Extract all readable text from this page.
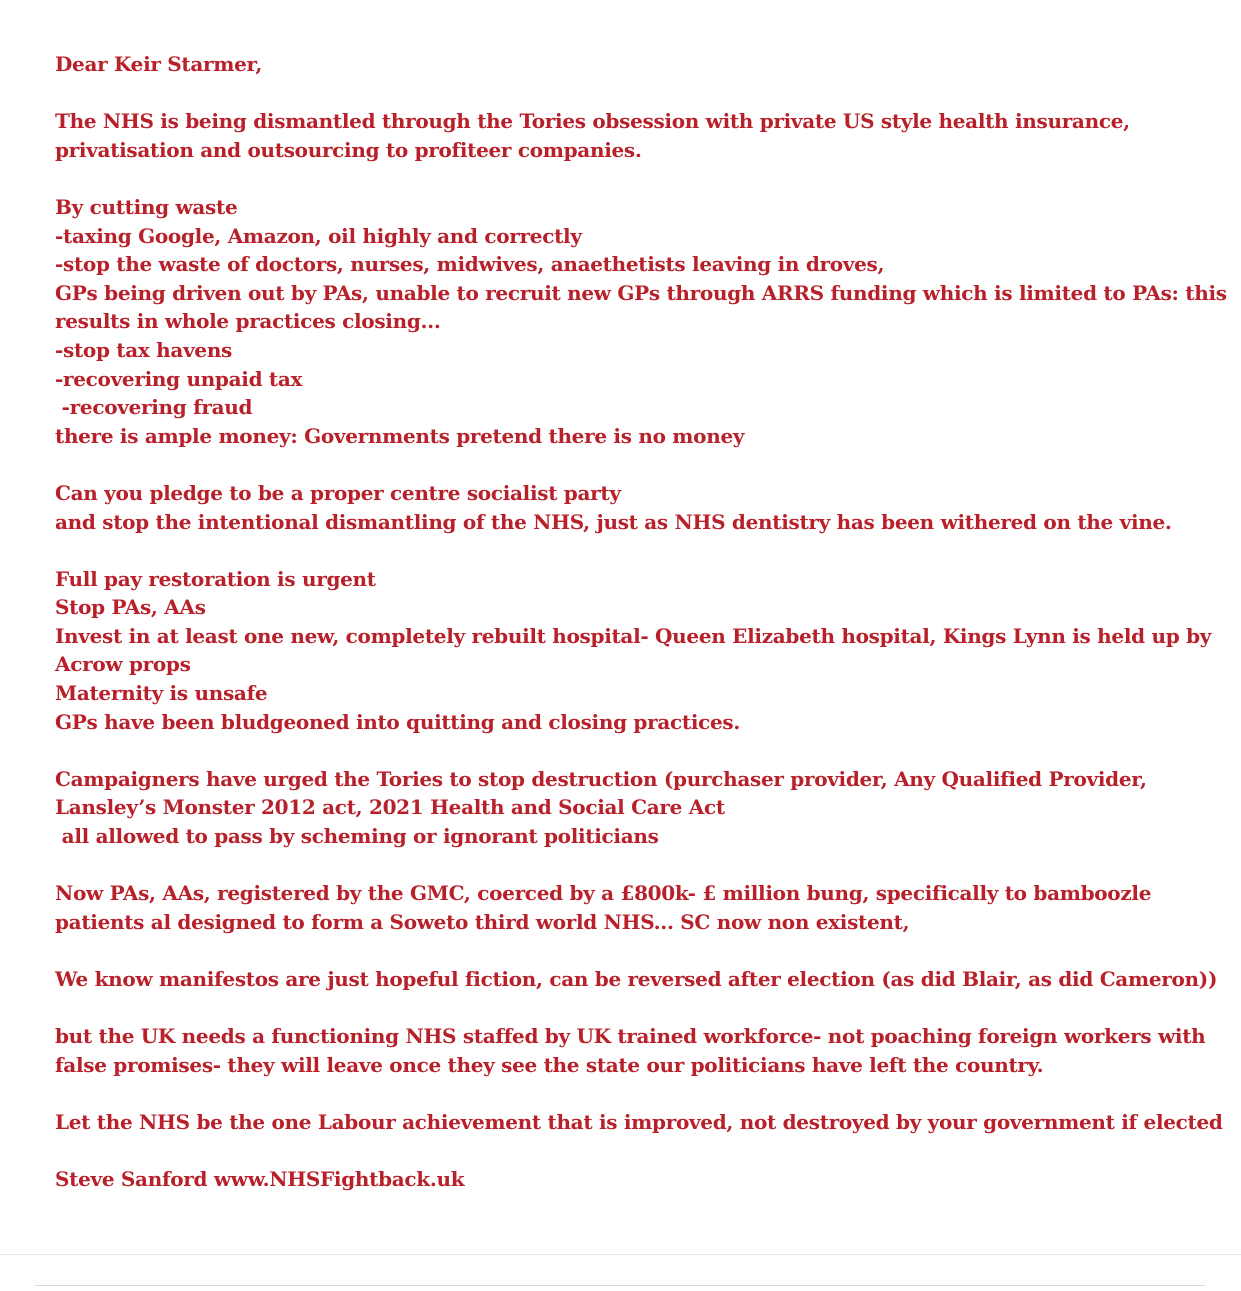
Dear Keir Starmer,
The NHS is being dismantled through the Tories obsession with private US style health insurance, privatisation and outsourcing to profiteer companies.
By cutting waste
-taxing Google, Amazon, oil highly and correctly
-stop the waste of doctors, nurses, midwives, anaethetists leaving in droves,
GPs being driven out by PAs, unable to recruit new GPs through ARRS funding which is limited to PAs: this results in whole practices closing...
-stop tax havens
-recovering unpaid tax
-recovering fraud
there is ample money: Governments pretend there is no money
Can you pledge to be a proper centre socialist party
and stop the intentional dismantling of the NHS, just as NHS dentistry has been withered on the vine.
Full pay restoration is urgent
Stop PAs, AAs
Invest in at least one new, completely rebuilt hospital- Queen Elizabeth hospital, Kings Lynn is held up by Acrow props
Maternity is unsafe
GPs have been bludgeoned into quitting and closing practices.
Campaigners have urged the Tories to stop destruction (purchaser provider, Any Qualified Provider, Lansley’s Monster 2012 act, 2021 Health and Social Care Act
all allowed to pass by scheming or ignorant politicians
Now PAs, AAs, registered by the GMC, coerced by a £800k- £ million bung, specifically to bamboozle patients al designed to form a Soweto third world NHS... SC now non existent,
We know manifestos are just hopeful fiction, can be reversed after election (as did Blair, as did Cameron))
but the UK needs a functioning NHS staffed by UK trained workforce- not poaching foreign workers with false promises- they will leave once they see the state our politicians have left the country.
Let the NHS be the one Labour achievement that is improved, not destroyed by your government if elected
Steve Sanford www.NHSFightback.uk
